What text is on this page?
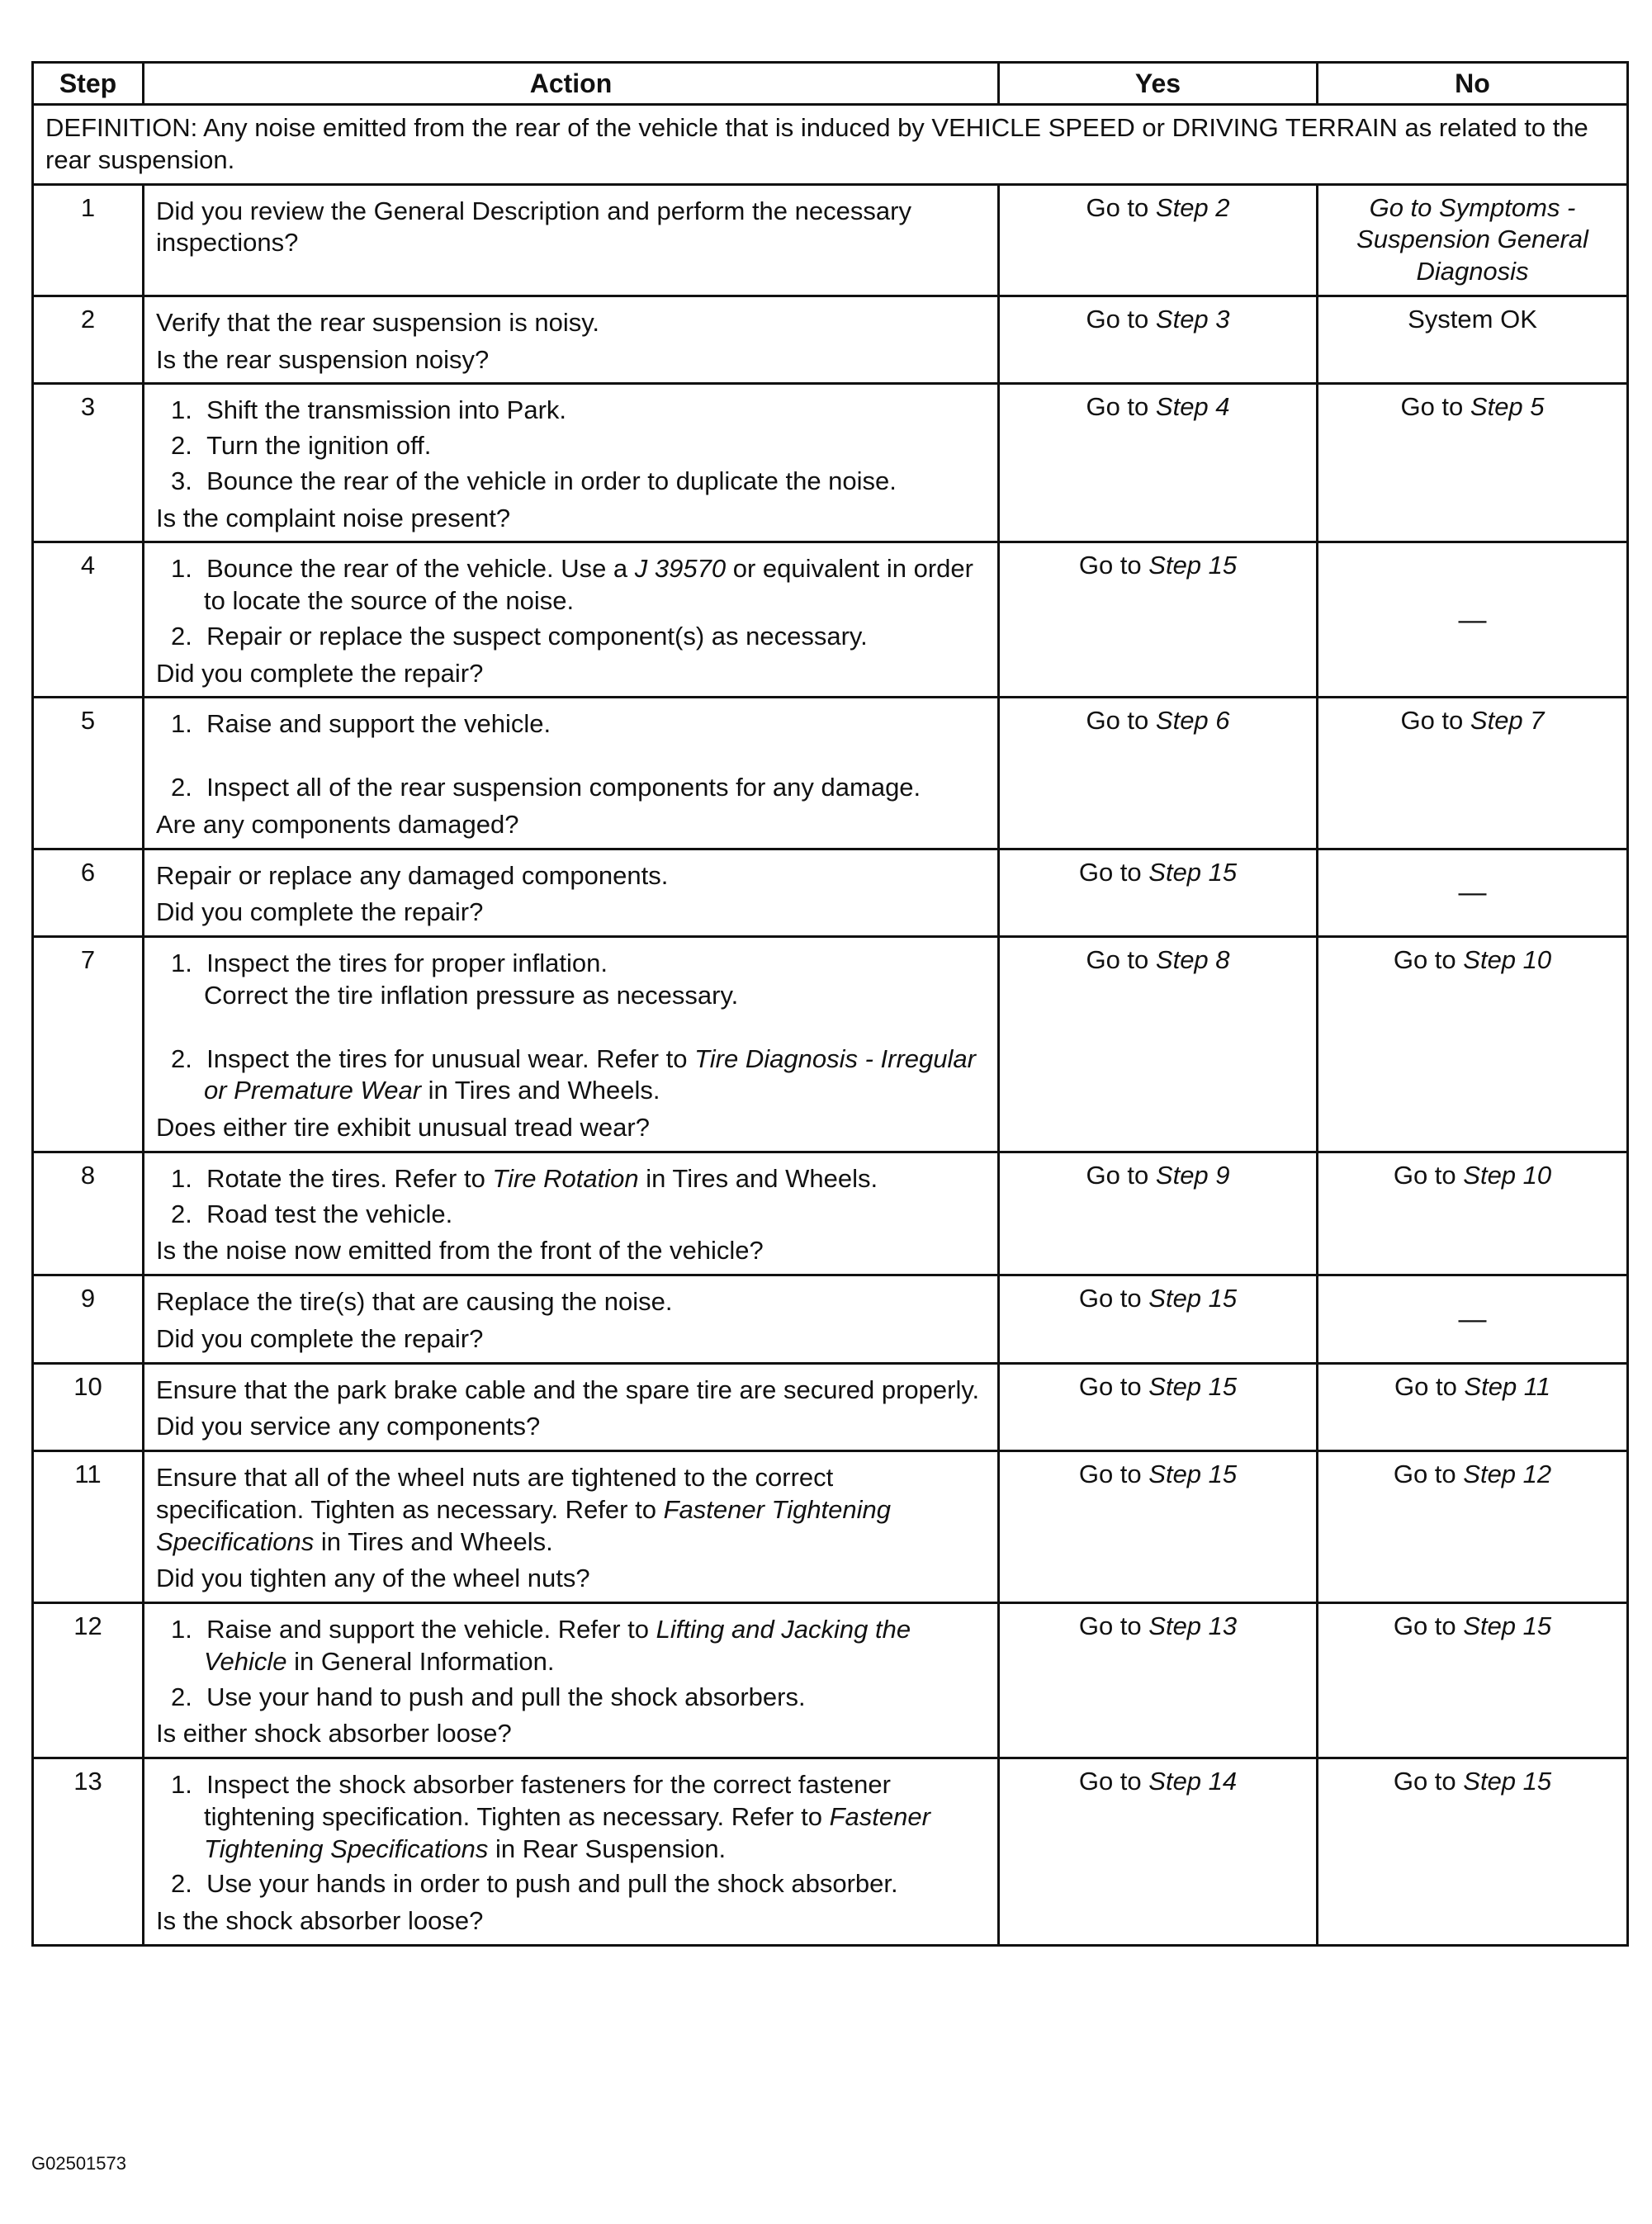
Step	Action	Yes	No
DEFINITION: Any noise emitted from the rear of the vehicle that is induced by VEHICLE SPEED or DRIVING TERRAIN as related to the rear suspension.			
1	Did you review the General Description and perform the necessary inspections?	Go to Step 2	Go to Symptoms - Suspension General Diagnosis
2	Verify that the rear suspension is noisy.
Is the rear suspension noisy?	Go to Step 3	System OK
3	1.  Shift the transmission into Park.
2.  Turn the ignition off.
3.  Bounce the rear of the vehicle in order to duplicate the noise.
Is the complaint noise present?	Go to Step 4	Go to Step 5
4	1.  Bounce the rear of the vehicle. Use a J 39570 or equivalent in order to locate the source of the noise.
2.  Repair or replace the suspect component(s) as necessary.
Did you complete the repair?	Go to Step 15	—
5	1.  Raise and support the vehicle.
2.  Inspect all of the rear suspension components for any damage.
Are any components damaged?	Go to Step 6	Go to Step 7
6	Repair or replace any damaged components.
Did you complete the repair?	Go to Step 15	—
7	1.  Inspect the tires for proper inflation.
Correct the tire inflation pressure as necessary.
2.  Inspect the tires for unusual wear. Refer to Tire Diagnosis - Irregular or Premature Wear in Tires and Wheels.
Does either tire exhibit unusual tread wear?	Go to Step 8	Go to Step 10
8	1.  Rotate the tires. Refer to Tire Rotation in Tires and Wheels.
2.  Road test the vehicle.
Is the noise now emitted from the front of the vehicle?	Go to Step 9	Go to Step 10
9	Replace the tire(s) that are causing the noise.
Did you complete the repair?	Go to Step 15	—
10	Ensure that the park brake cable and the spare tire are secured properly.
Did you service any components?	Go to Step 15	Go to Step 11
11	Ensure that all of the wheel nuts are tightened to the correct specification. Tighten as necessary. Refer to Fastener Tightening Specifications in Tires and Wheels.
Did you tighten any of the wheel nuts?	Go to Step 15	Go to Step 12
12	1.  Raise and support the vehicle. Refer to Lifting and Jacking the Vehicle in General Information.
2.  Use your hand to push and pull the shock absorbers.
Is either shock absorber loose?	Go to Step 13	Go to Step 15
13	1.  Inspect the shock absorber fasteners for the correct fastener tightening specification. Tighten as necessary. Refer to Fastener Tightening Specifications in Rear Suspension.
2.  Use your hands in order to push and pull the shock absorber.
Is the shock absorber loose?	Go to Step 14	Go to Step 15
G02501573
